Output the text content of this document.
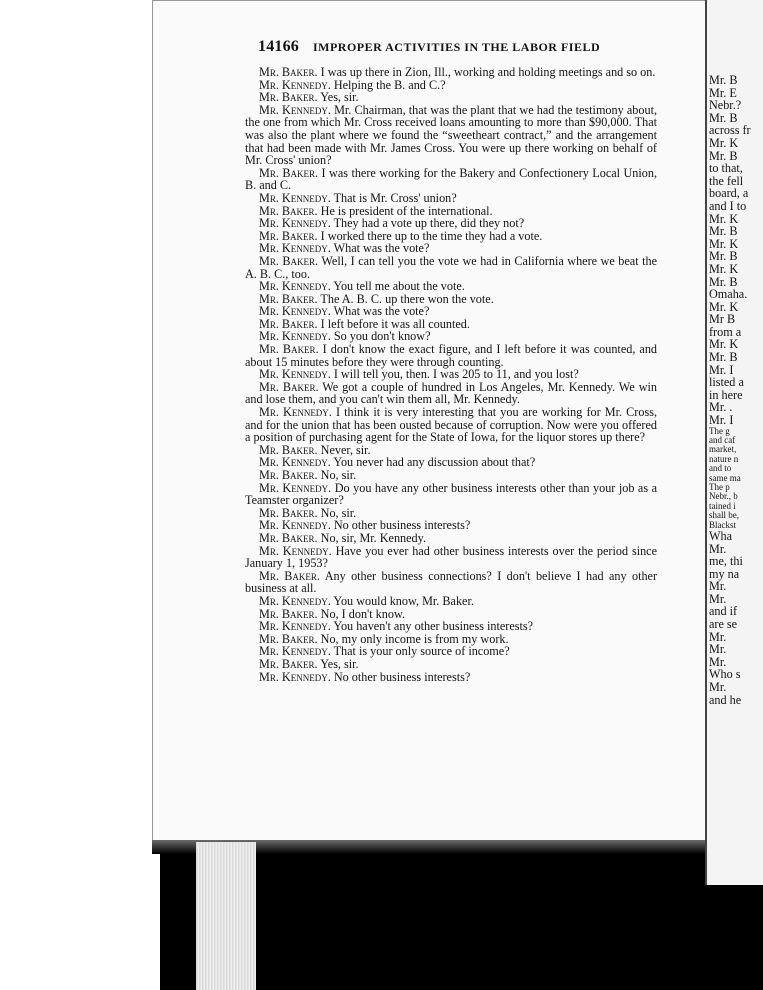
14166 IMPROPER ACTIVITIES IN THE LABOR FIELD

Mr. Baker. I was up there in Zion, Ill., working and holding meetings and so on.

Mr. Kennedy. Helping the B. and C.?

Mr. Baker. Yes, sir.

Mr. Kennedy. Mr. Chairman, that was the plant that we had the testimony about, the one from which Mr. Cross received loans amounting to more than $90,000. That was also the plant where we found the “sweetheart contract,” and the arrangement that had been made with Mr. James Cross. You were up there working on behalf of Mr. Cross' union?

Mr. Baker. I was there working for the Bakery and Confectionery Local Union, B. and C.

Mr. Kennedy. That is Mr. Cross' union?

Mr. Baker. He is president of the international.

Mr. Kennedy. They had a vote up there, did they not?

Mr. Baker. I worked there up to the time they had a vote.

Mr. Kennedy. What was the vote?

Mr. Baker. Well, I can tell you the vote we had in California where we beat the A. B. C., too.

Mr. Kennedy. You tell me about the vote.

Mr. Baker. The A. B. C. up there won the vote.

Mr. Kennedy. What was the vote?

Mr. Baker. I left before it was all counted.

Mr. Kennedy. So you don't know?

Mr. Baker. I don't know the exact figure, and I left before it was counted, and about 15 minutes before they were through counting.

Mr. Kennedy. I will tell you, then. I was 205 to 11, and you lost?

Mr. Baker. We got a couple of hundred in Los Angeles, Mr. Kennedy. We win and lose them, and you can't win them all, Mr. Kennedy.

Mr. Kennedy. I think it is very interesting that you are working for Mr. Cross, and for the union that has been ousted because of corruption. Now were you offered a position of purchasing agent for the State of Iowa, for the liquor stores up there?

Mr. Baker. Never, sir.

Mr. Kennedy. You never had any discussion about that?

Mr. Baker. No, sir.

Mr. Kennedy. Do you have any other business interests other than your job as a Teamster organizer?

Mr. Baker. No, sir.

Mr. Kennedy. No other business interests?

Mr. Baker. No, sir, Mr. Kennedy.

Mr. Kennedy. Have you ever had other business interests over the period since January 1, 1953?

Mr. Baker. Any other business connections? I don't believe I had any other business at all.

Mr. Kennedy. You would know, Mr. Baker.

Mr. Baker. No, I don't know.

Mr. Kennedy. You haven't any other business interests?

Mr. Baker. No, my only income is from my work.

Mr. Kennedy. That is your only source of income?

Mr. Baker. Yes, sir.

Mr. Kennedy. No other business interests?

Mr. B
Mr. E
Nebr.?
Mr. B
across fr
Mr. K
Mr. B
to that,
the fell
board, a
and I to
Mr. K
Mr. B
Mr. K
Mr. B
Mr. K
Mr. B
Omaha.
Mr. K
Mr B
from a
Mr. K
Mr. B
Mr. I
listed a
in here
Mr. .
Mr. I
The g
and caf
market,
nature n
and to
same ma
The p
Nebr., b
tained i
shall be,
Blackst
Wha
Mr.
me, thi
my na
Mr.
Mr.
and if
are se
Mr.
Mr.
Mr.
Who s
Mr.
and he
